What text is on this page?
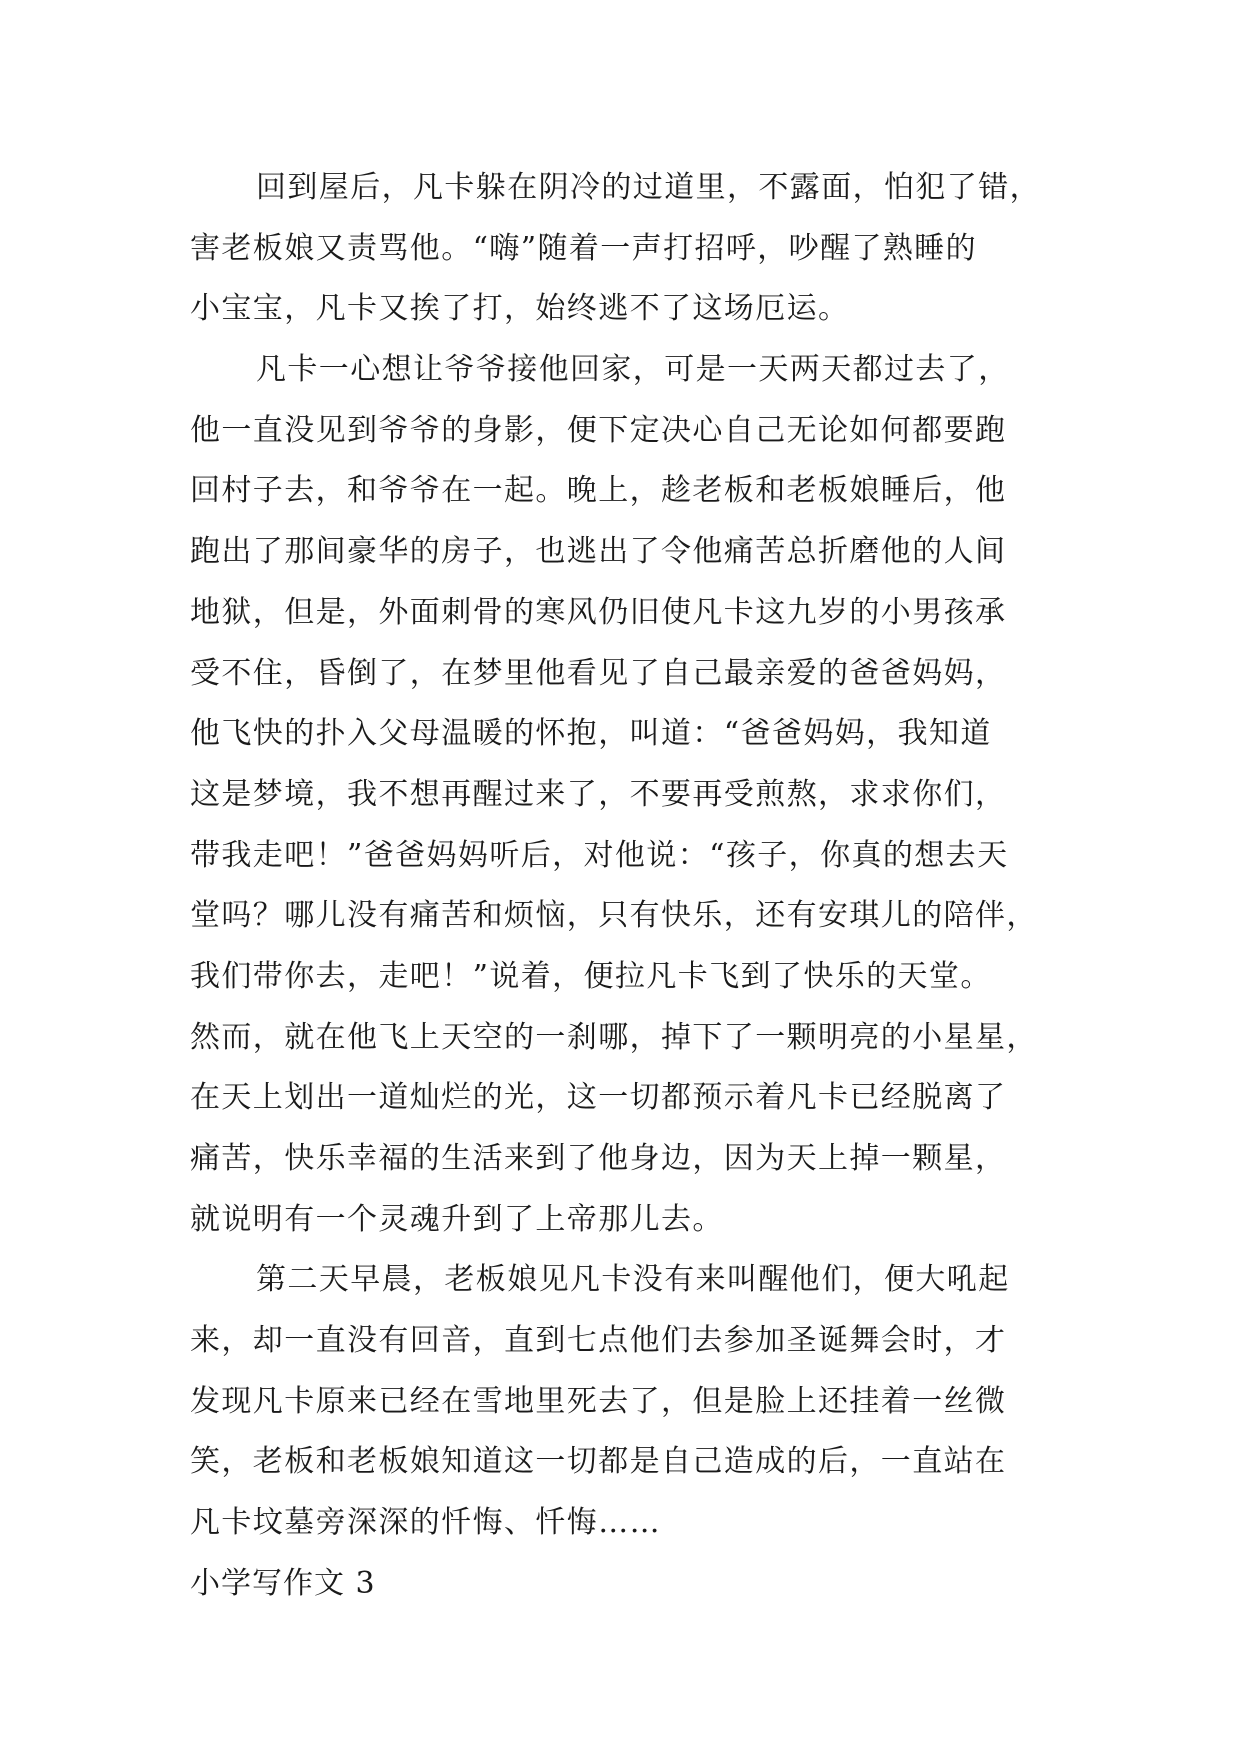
回到屋后，凡卡躲在阴冷的过道里，不露面，怕犯了错，
害老板娘又责骂他。“嗨”随着一声打招呼，吵醒了熟睡的
小宝宝，凡卡又挨了打，始终逃不了这场厄运。
凡卡一心想让爷爷接他回家，可是一天两天都过去了，
他一直没见到爷爷的身影，便下定决心自己无论如何都要跑
回村子去，和爷爷在一起。晚上，趁老板和老板娘睡后，他
跑出了那间豪华的房子，也逃出了令他痛苦总折磨他的人间
地狱，但是，外面刺骨的寒风仍旧使凡卡这九岁的小男孩承
受不住，昏倒了，在梦里他看见了自己最亲爱的爸爸妈妈，
他飞快的扑入父母温暖的怀抱，叫道：“爸爸妈妈，我知道
这是梦境，我不想再醒过来了，不要再受煎熬，求求你们，
带我走吧！”爸爸妈妈听后，对他说：“孩子，你真的想去天
堂吗？哪儿没有痛苦和烦恼，只有快乐，还有安琪儿的陪伴，
我们带你去，走吧！”说着，便拉凡卡飞到了快乐的天堂。
然而，就在他飞上天空的一刹哪，掉下了一颗明亮的小星星，
在天上划出一道灿烂的光，这一切都预示着凡卡已经脱离了
痛苦，快乐幸福的生活来到了他身边，因为天上掉一颗星，
就说明有一个灵魂升到了上帝那儿去。
第二天早晨，老板娘见凡卡没有来叫醒他们，便大吼起
来，却一直没有回音，直到七点他们去参加圣诞舞会时，才
发现凡卡原来已经在雪地里死去了，但是脸上还挂着一丝微
笑，老板和老板娘知道这一切都是自己造成的后，一直站在
凡卡坟墓旁深深的忏悔、忏悔……
小学写作文 3
